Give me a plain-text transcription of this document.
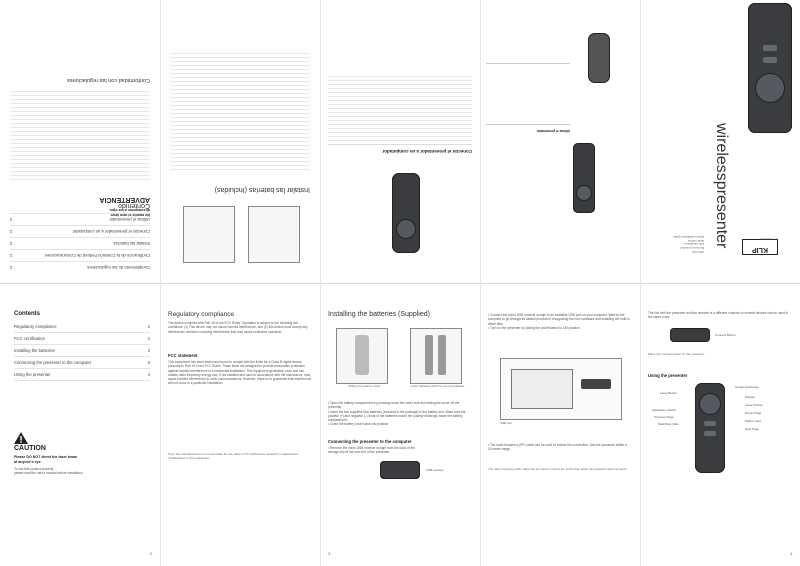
KLIP
XTREME
wirelesspresenter
KPS-010
Remote presenter
with integrated
laser pointer
Quick installation guide
Utilizar el presentador
Conectar el presentador a un computador
Instalar las baterías (Incluidas)
Conformidad con las regulaciones
ADVERTENCIA
No apunte el rayo láser
directamente a los ojos.
Cumplimiento de las regulaciones
2
Certificación de la Comisión Federal de Comunicaciones
2
Instalar las baterías
3
Conectar el presentador a un computador
3
Utilizar el presentador
4
Contenido
Contents
Regulatory compliance	2
FCC certification	2
Installing the batteries	3
Connecting the presenter to the computer	3
Using the presenter	4
CAUTION
Please DO NOT direct the laser beam
at anyone's eye.
To use this product properly,
please read the user's manual before installation.
2
Regulatory compliance
The device complies with Part 15 of the FCC Rules. Operation is subject to the following two conditions: (1) This device may not cause harmful interference, and (2) this device must accept any interference received, including interference that may cause undesired operation.
FCC statement
This equipment has been tested and found to comply with the limits for a Class B digital device, pursuant to Part 15 of the FCC Rules. These limits are designed to provide reasonable protection against harmful interference in a residential installation. This equipment generates, uses and can radiate radio frequency energy and, if not installed and used in accordance with the instructions, may cause harmful interference to radio communications. However, there is no guarantee that interference will not occur in a particular installation.
Note: the manufacturer is not responsible for any radio or TV interference caused by unauthorized modifications to this equipment.
Installing the batteries (Supplied)
Sliding the battery cover	Insert batteries with the correct polarities
• Open the battery compartment by pressing down the cover lock and sliding the cover off the presenter.
• Insert the two supplied AAA batteries (included in the package) in the battery slot. Make sure the positive (+) and negative (–) ends of the batteries match the polarity markings inside the battery compartment.
• Close the battery cover back into position.
Connecting the presenter to the computer
• Remove the micro USB receiver dongle from the back of the
storage slot at the rear end of the presenter.
USB receiver
3
• Connect the micro USB receiver dongle to an available USB port on your computer. Wait for the computer to go through its default process of recognizing the new hardware and installing the built-in driver files.
• Turn on the presenter by sliding the on/off switch to ON position.
USB port
• The radio frequency (RF) cable can be used to extend the connection. Use the presenter within a 15-meter range.
The radio frequency (RF) cable can be used to extend the connection when the presenter does not work.
The link with the presenter and the receiver is a different channel so several devices can be used in the same room.
Connect Button
Place the connect button on the presenter.
Using the presenter
Laser Button
Google Exchange
Display
Laser Pointer
Power Page
Application Switch
Previous Page
Start/Stop Slide
Status Light
Next Page
4
